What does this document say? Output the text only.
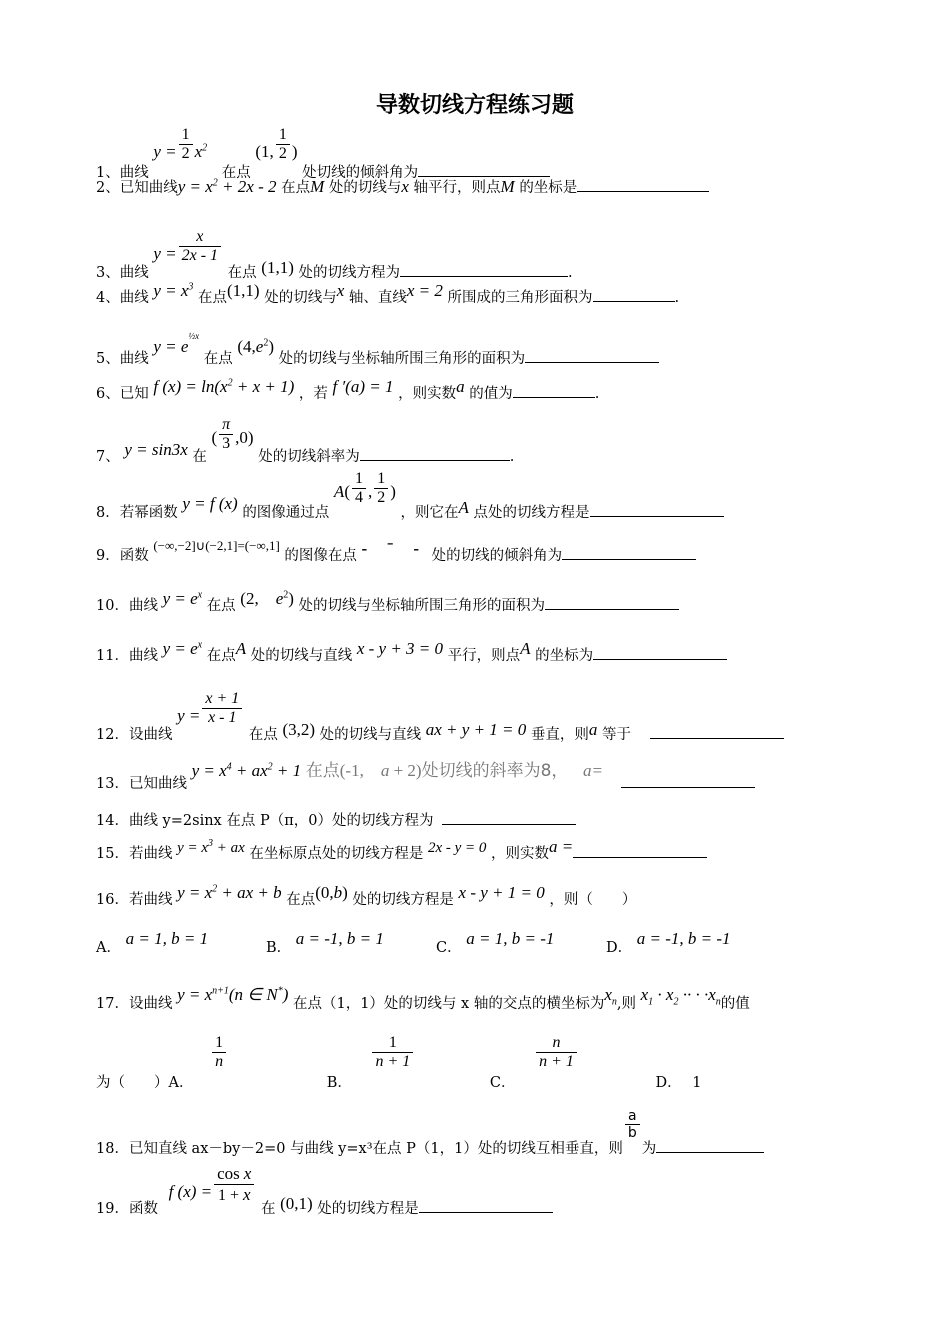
导数切线方程练习题
1、曲线 $y = \frac{1}{2} x^2$ 在点 (1, $\frac{1}{2}$ ) 处切线的倾斜角为
2、已知曲线$y = x^2 + 2x - 2$ 在点M 处的切线与x 轴平行，则点M 的坐标是
3、曲线 $y = \frac{x}{2x - 1}$
在点 (1,1) 处的切线方程为	.
4、曲线 $y = x^3$ 在点(1,1) 处的切线与x 轴、直线x = 2 所围成的三角形面积为	.
5、曲线 $y = e^{\frac{1}{2}x}$ 在点 $(4,e^2)$ 处的切线与坐标轴所围三角形的面积为
6、已知 f $(x) = \ln(x^2 + x + 1)$ ，若 f ′(a) = 1 ，则实数a 的值为	.
7、 y = sin3x 在 ( $\frac{\pi}{3} ,0$) 处的切线斜率为	.
8．若幂函数 y = f (x) 的图像通过点 $A( \frac{1}{4}$ , $\frac{1}{2}$ ) ，则它在A 点处的切线方程是
9．函数 (−∞,−2]∪(−2,1]=(−∞,1] 的图像在点 - ˉ - 处的切线的倾斜角为
10．曲线 $y = e^x$ 在点 (2,　$e^2$) 处的切线与坐标轴所围三角形的面积为
11．曲线 $y = e^x$ 在点A 处的切线与直线 x - y + 3 = 0 平行，则点A 的坐标为
12．设曲线 $y = \frac{x + 1}{x - 1}$
在点 (3,2) 处的切线与直线 ax + y + 1 = 0 垂直，则a 等于
13．已知曲线 $y = x^4 + ax^2 + 1$ 在点(-1,　a + 2)处切线的斜率为8， a=
14．曲线 y=2sinx 在点 P（π，0）处的切线方程为
15．若曲线 $y = x^3$ + ax 在坐标原点处的切线方程是 2x - y = 0 ，则实数a =
16．若曲线 $y = x^2$ + ax + b 在点(0,b) 处的切线方程是 x - y + 1 = 0 ，则（　　）
A． a = 1, b = 1	B． a = -1, b = 1	C． a = 1, b = -1	D． a = -1, b = -1
17．设曲线 $y = x^{n+1}(n$ ∈ N*) 在点（1，1）处的切线与 x 轴的交点的横坐标为$x_n$,则 $x_1 \cdot x_2$ ·· · $\cdot x_n$的值
为（　　）A．
$\frac{1}{n}$
B．
$\frac{1}{n + 1}$
C．
$\frac{n}{n + 1}$
D． 1
18．已知直线 ax－by－2=0 与曲线 y=x³在点 P（1，1）处的切线互相垂直，则
$\frac{a}{b}$
为
19．函数 f $(x) = \frac{\text{cos x}}{1 + x}$
在 (0,1) 处的切线方程是
